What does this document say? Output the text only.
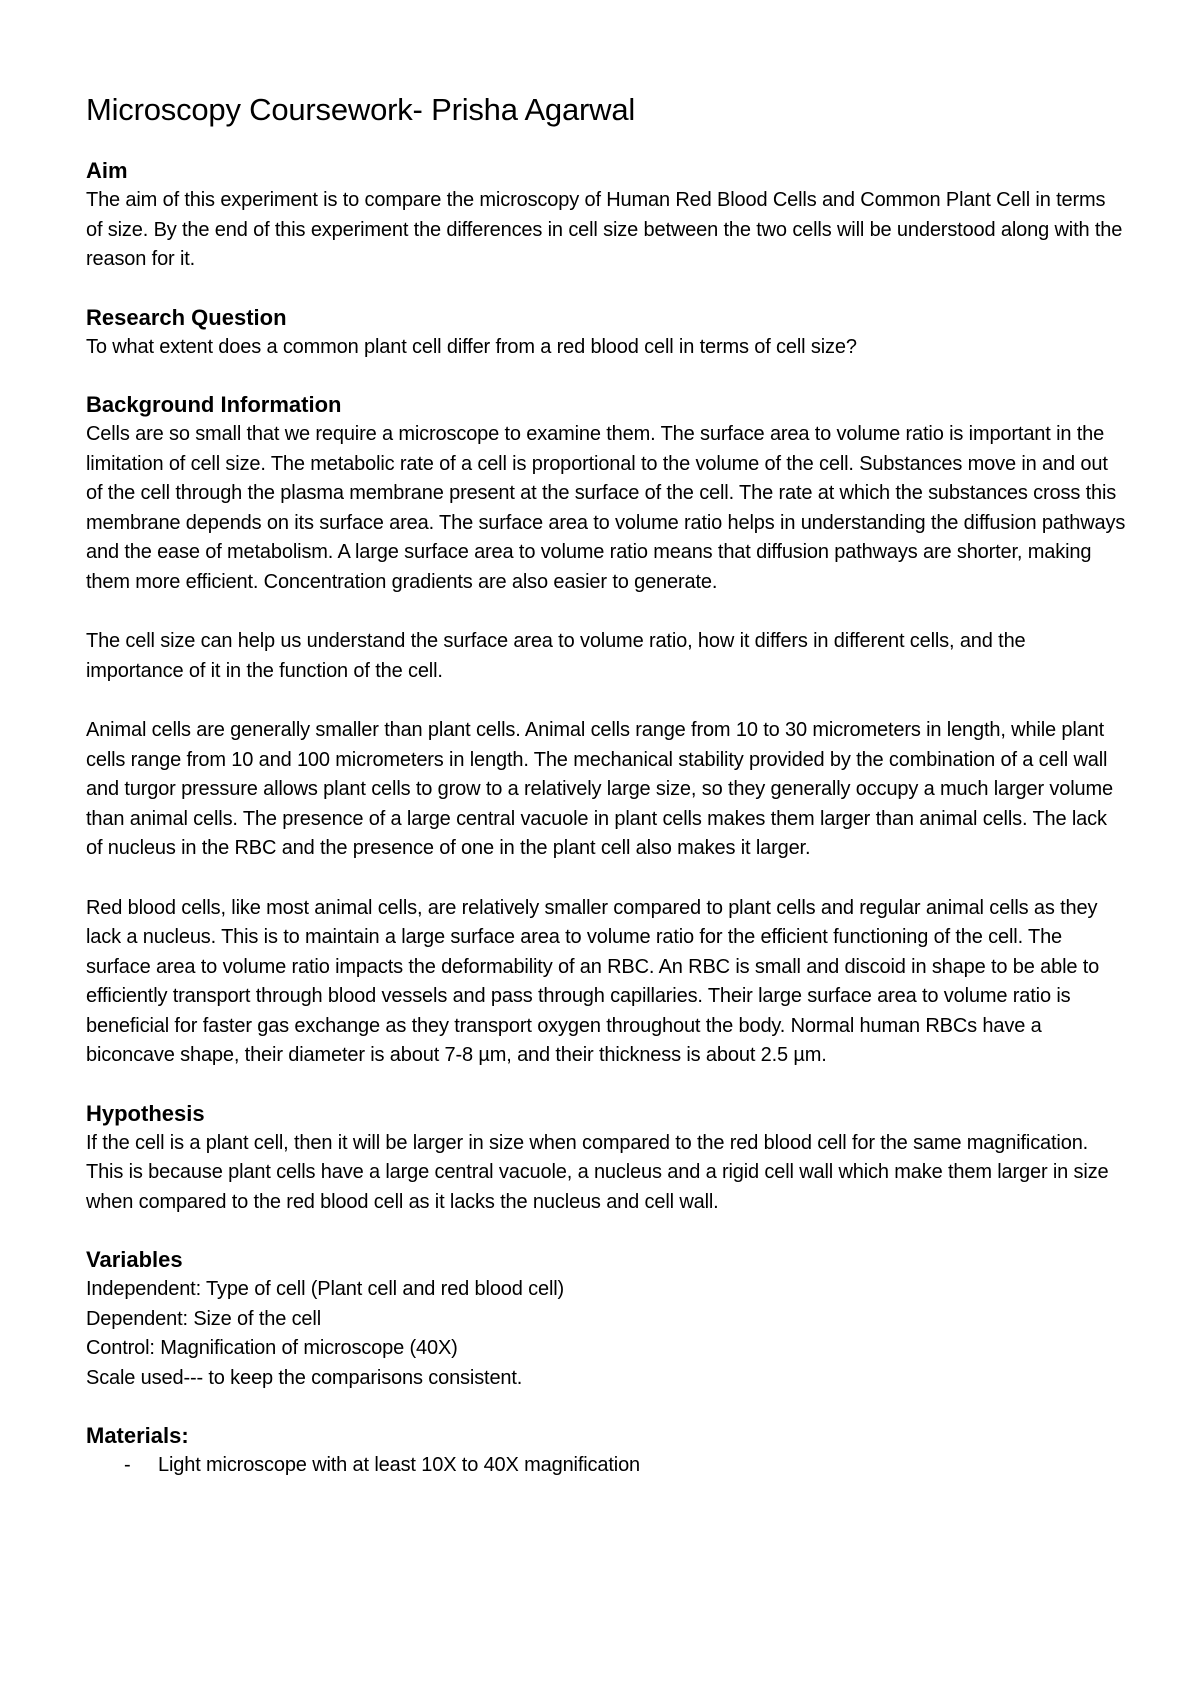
Microscopy Coursework- Prisha Agarwal
Aim

The aim of this experiment is to compare the microscopy of Human Red Blood Cells and Common Plant Cell in terms of size. By the end of this experiment the differences in cell size between the two cells will be understood along with the reason for it.

Research Question

To what extent does a common plant cell differ from a red blood cell in terms of cell size?

Background Information

Cells are so small that we require a microscope to examine them. The surface area to volume ratio is important in the limitation of cell size. The metabolic rate of a cell is proportional to the volume of the cell. Substances move in and out of the cell through the plasma membrane present at the surface of the cell. The rate at which the substances cross this membrane depends on its surface area. The surface area to volume ratio helps in understanding the diffusion pathways and the ease of metabolism. A large surface area to volume ratio means that diffusion pathways are shorter, making them more efficient. Concentration gradients are also easier to generate.

The cell size can help us understand the surface area to volume ratio, how it differs in different cells, and the importance of it in the function of the cell.

Animal cells are generally smaller than plant cells. Animal cells range from 10 to 30 micrometers in length, while plant cells range from 10 and 100 micrometers in length. The mechanical stability provided by the combination of a cell wall and turgor pressure allows plant cells to grow to a relatively large size, so they generally occupy a much larger volume than animal cells. The presence of a large central vacuole in plant cells makes them larger than animal cells. The lack of nucleus in the RBC and the presence of one in the plant cell also makes it larger.

Red blood cells, like most animal cells, are relatively smaller compared to plant cells and regular animal cells as they lack a nucleus. This is to maintain a large surface area to volume ratio for the efficient functioning of the cell. The surface area to volume ratio impacts the deformability of an RBC. An RBC is small and discoid in shape to be able to efficiently transport through blood vessels and pass through capillaries. Their large surface area to volume ratio is beneficial for faster gas exchange as they transport oxygen throughout the body. Normal human RBCs have a biconcave shape, their diameter is about 7-8 µm, and their thickness is about 2.5 µm.

Hypothesis

If the cell is a plant cell, then it will be larger in size when compared to the red blood cell for the same magnification. This is because plant cells have a large central vacuole, a nucleus and a rigid cell wall which make them larger in size when compared to the red blood cell as it lacks the nucleus and cell wall.

Variables

Independent: Type of cell (Plant cell and red blood cell)

Dependent: Size of the cell

Control: Magnification of microscope (40X)

Scale used--- to keep the comparisons consistent.

Materials:
- Light microscope with at least 10X to 40X magnification
